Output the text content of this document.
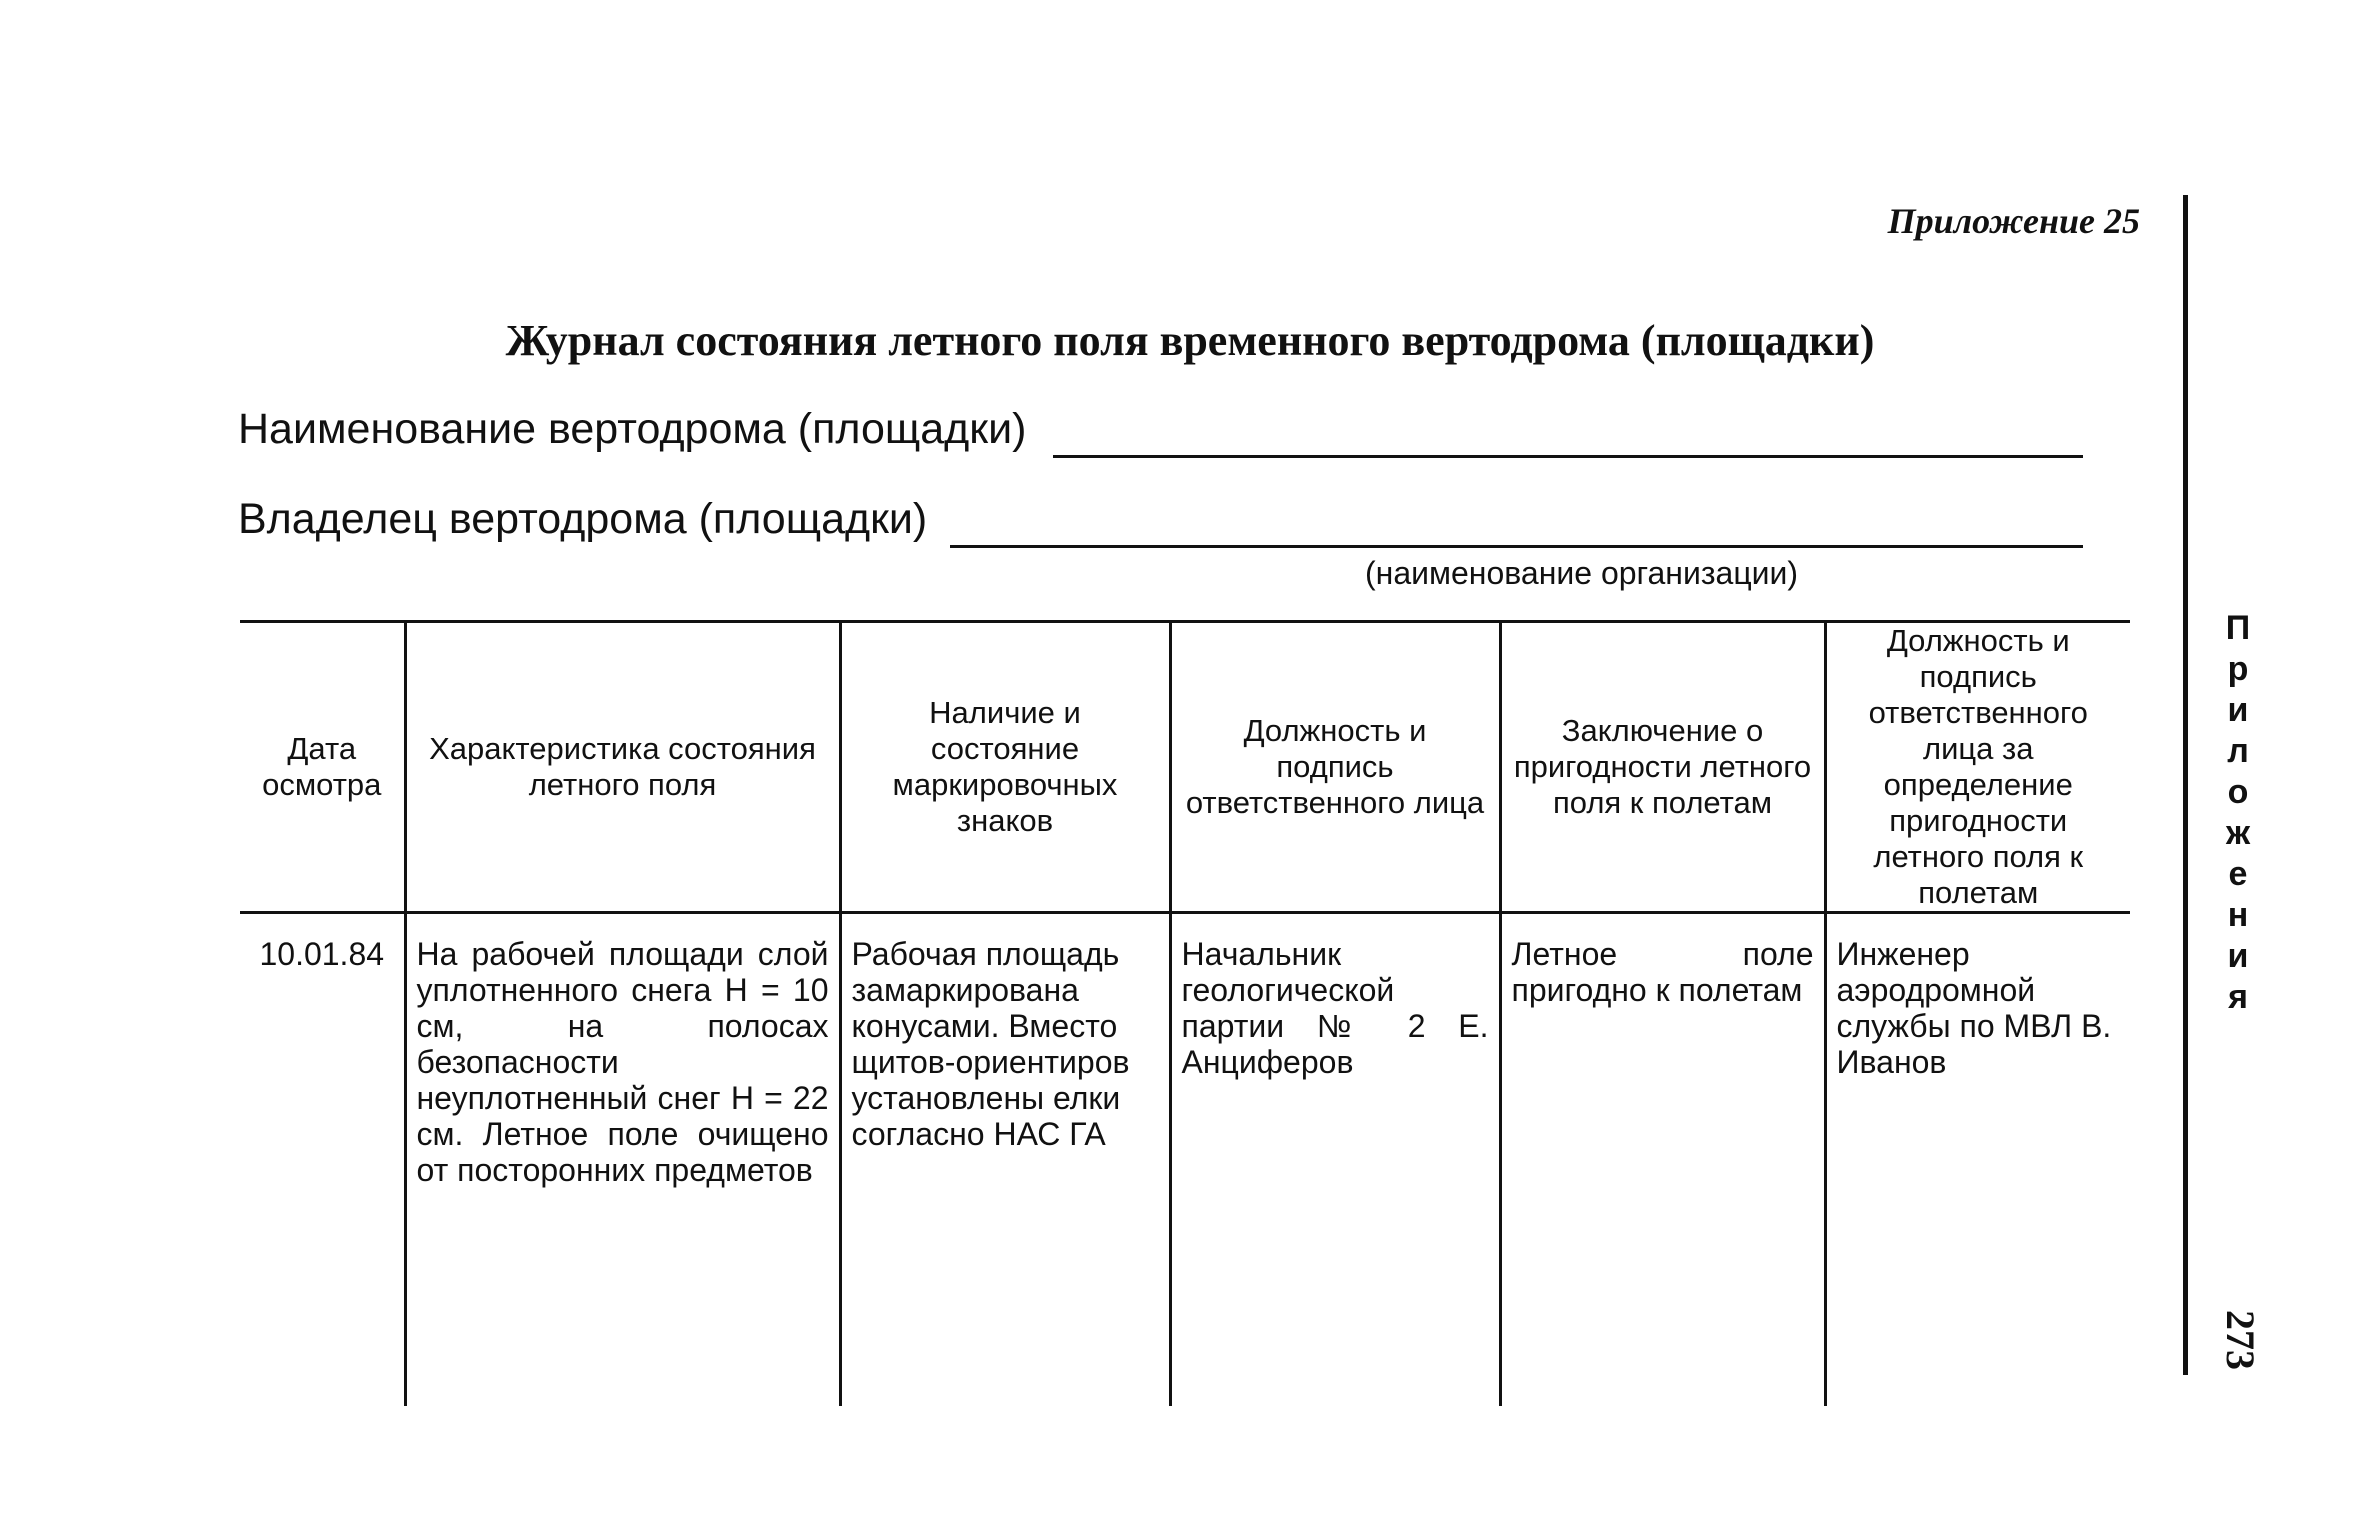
Приложение 25
Журнал состояния летного поля временного вертодрома (площадки)
Наименование вертодрома (площадки)
Владелец вертодрома (площадки)
(наименование организации)
П
р
и
л
о
ж
е
н
и
я
273
Дата осмотра	Характеристика состояния летного поля	Наличие и состояние маркировочных знаков	Должность и подпись ответственного лица	Заключение о пригодности летного поля к полетам	Должность и подпись ответственного лица за определение пригодности летного поля к полетам
10.01.84	На рабочей площади слой уплотненного снега H = 10 см, на полосах безопасности неуплотненный снег H = 22 см. Летное поле очищено от посторонних предметов	Рабочая площадь замаркирована конусами. Вместо щитов-ориентиров установлены елки согласно НАС ГА	Начальник геологической партии № 2 Е. Анциферов	Летное поле пригодно к полетам	Инженер аэродромной службы по МВЛ В. Иванов
